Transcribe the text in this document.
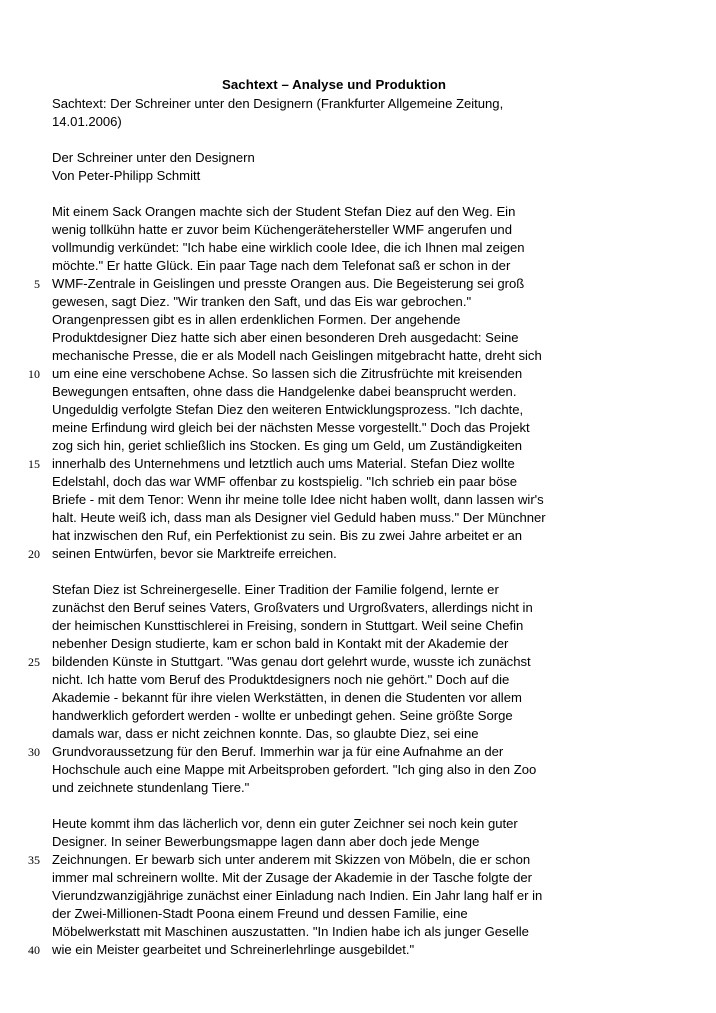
Sachtext – Analyse und Produktion
Sachtext: Der Schreiner unter den Designern (Frankfurter Allgemeine Zeitung,
14.01.2006)
Der Schreiner unter den Designern
Von Peter-Philipp Schmitt
Mit einem Sack Orangen machte sich der Student Stefan Diez auf den Weg. Ein
wenig tollkühn hatte er zuvor beim Küchengerätehersteller WMF angerufen und
vollmundig verkündet: "Ich habe eine wirklich coole Idee, die ich Ihnen mal zeigen
möchte." Er hatte Glück. Ein paar Tage nach dem Telefonat saß er schon in der
5 WMF-Zentrale in Geislingen und presste Orangen aus. Die Begeisterung sei groß
gewesen, sagt Diez. "Wir tranken den Saft, und das Eis war gebrochen."
Orangenpressen gibt es in allen erdenklichen Formen. Der angehende
Produktdesigner Diez hatte sich aber einen besonderen Dreh ausgedacht: Seine
mechanische Presse, die er als Modell nach Geislingen mitgebracht hatte, dreht sich
10 um eine eine verschobene Achse. So lassen sich die Zitrusfrüchte mit kreisenden
Bewegungen entsaften, ohne dass die Handgelenke dabei beansprucht werden.
Ungeduldig verfolgte Stefan Diez den weiteren Entwicklungsprozess. "Ich dachte,
meine Erfindung wird gleich bei der nächsten Messe vorgestellt." Doch das Projekt
zog sich hin, geriet schließlich ins Stocken. Es ging um Geld, um Zuständigkeiten
15 innerhalb des Unternehmens und letztlich auch ums Material. Stefan Diez wollte
Edelstahl, doch das war WMF offenbar zu kostspielig. "Ich schrieb ein paar böse
Briefe - mit dem Tenor: Wenn ihr meine tolle Idee nicht haben wollt, dann lassen wir's
halt. Heute weiß ich, dass man als Designer viel Geduld haben muss." Der Münchner
hat inzwischen den Ruf, ein Perfektionist zu sein. Bis zu zwei Jahre arbeitet er an
20 seinen Entwürfen, bevor sie Marktreife erreichen.
Stefan Diez ist Schreinergeselle. Einer Tradition der Familie folgend, lernte er
zunächst den Beruf seines Vaters, Großvaters und Urgroßvaters, allerdings nicht in
der heimischen Kunsttischlerei in Freising, sondern in Stuttgart. Weil seine Chefin
nebenher Design studierte, kam er schon bald in Kontakt mit der Akademie der
25 bildenden Künste in Stuttgart. "Was genau dort gelehrt wurde, wusste ich zunächst
nicht. Ich hatte vom Beruf des Produktdesigners noch nie gehört." Doch auf die
Akademie - bekannt für ihre vielen Werkstätten, in denen die Studenten vor allem
handwerklich gefordert werden - wollte er unbedingt gehen. Seine größte Sorge
damals war, dass er nicht zeichnen konnte. Das, so glaubte Diez, sei eine
30 Grundvoraussetzung für den Beruf. Immerhin war ja für eine Aufnahme an der
Hochschule auch eine Mappe mit Arbeitsproben gefordert. "Ich ging also in den Zoo
und zeichnete stundenlang Tiere."
Heute kommt ihm das lächerlich vor, denn ein guter Zeichner sei noch kein guter
Designer. In seiner Bewerbungsmappe lagen dann aber doch jede Menge
35 Zeichnungen. Er bewarb sich unter anderem mit Skizzen von Möbeln, die er schon
immer mal schreinern wollte. Mit der Zusage der Akademie in der Tasche folgte der
Vierundzwanzigjährige zunächst einer Einladung nach Indien. Ein Jahr lang half er in
der Zwei-Millionen-Stadt Poona einem Freund und dessen Familie, eine
Möbelwerkstatt mit Maschinen auszustatten. "In Indien habe ich als junger Geselle
40 wie ein Meister gearbeitet und Schreinerlehrlinge ausgebildet."
